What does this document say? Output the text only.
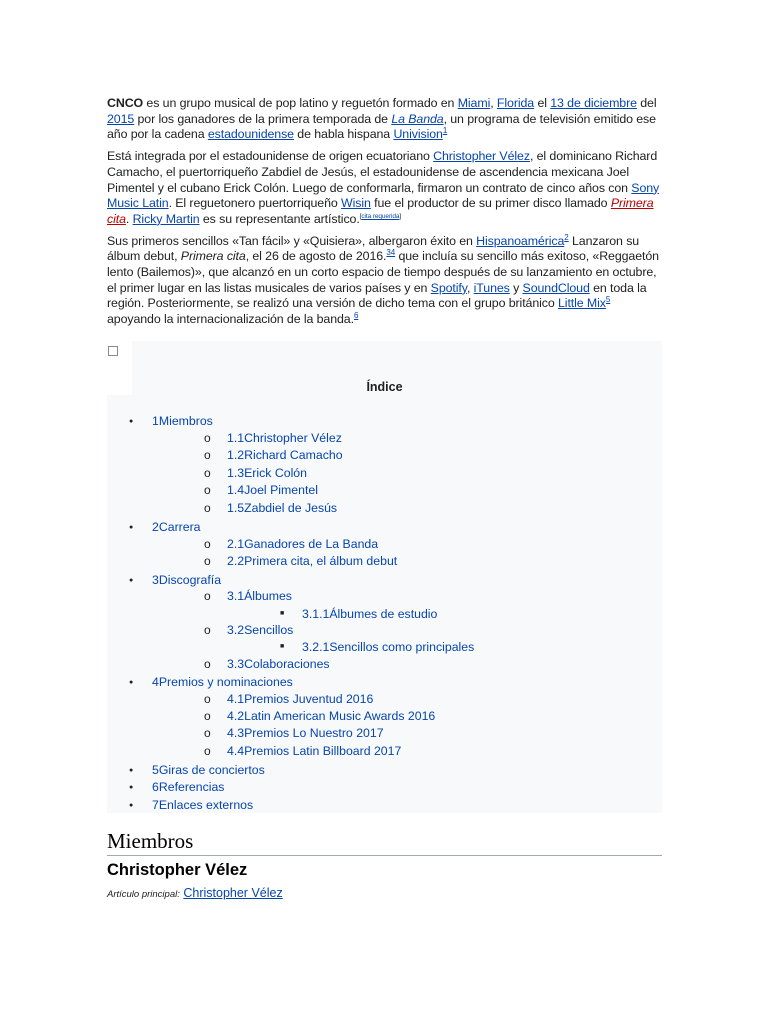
CNCO es un grupo musical de pop latino y reguetón formado en Miami, Florida el 13 de diciembre del 2015 por los ganadores de la primera temporada de La Banda, un programa de televisión emitido ese año por la cadena estadounidense de habla hispana Univision$^1$

Está integrada por el estadounidense de origen ecuatoriano Christopher Vélez, el dominicano Richard Camacho, el puertorriqueño Zabdiel de Jesús, el estadounidense de ascendencia mexicana Joel Pimentel y el cubano Erick Colón. Luego de conformarla, firmaron un contrato de cinco años con Sony Music Latin. El reguetonero puertorriqueño Wisin fue el productor de su primer disco llamado Primera cita. Ricky Martin es su representante artístico.[cita requerida]

Sus primeros sencillos «Tan fácil» y «Quisiera», albergaron éxito en Hispanoamérica$^2$ Lanzaron su álbum debut, Primera cita, el 26 de agosto de 2016.34 que incluía su sencillo más exitoso, «Reggaetón lento (Bailemos)», que alcanzó en un corto espacio de tiempo después de su lanzamiento en octubre, el primer lugar en las listas musicales de varios países y en Spotify, iTunes y SoundCloud en toda la región. Posteriormente, se realizó una versión de dicho tema con el grupo británico Little Mix$^5$ apoyando la internacionalización de la banda.$^6$

Índice
● 1Miembros
o 1.1Christopher Vélez
o 1.2Richard Camacho
o 1.3Erick Colón
o 1.4Joel Pimentel
o 1.5Zabdiel de Jesús
● 2Carrera
o 2.1Ganadores de La Banda
o 2.2Primera cita, el álbum debut
● 3Discografía
o 3.1Álbumes
■ 3.1.1Álbumes de estudio
o 3.2Sencillos
■ 3.2.1Sencillos como principales
o 3.3Colaboraciones
● 4Premios y nominaciones
o 4.1Premios Juventud 2016
o 4.2Latin American Music Awards 2016
o 4.3Premios Lo Nuestro 2017
o 4.4Premios Latin Billboard 2017
● 5Giras de conciertos
● 6Referencias
● 7Enlaces externos
Miembros
Christopher Vélez
Artículo principal: Christopher Vélez
